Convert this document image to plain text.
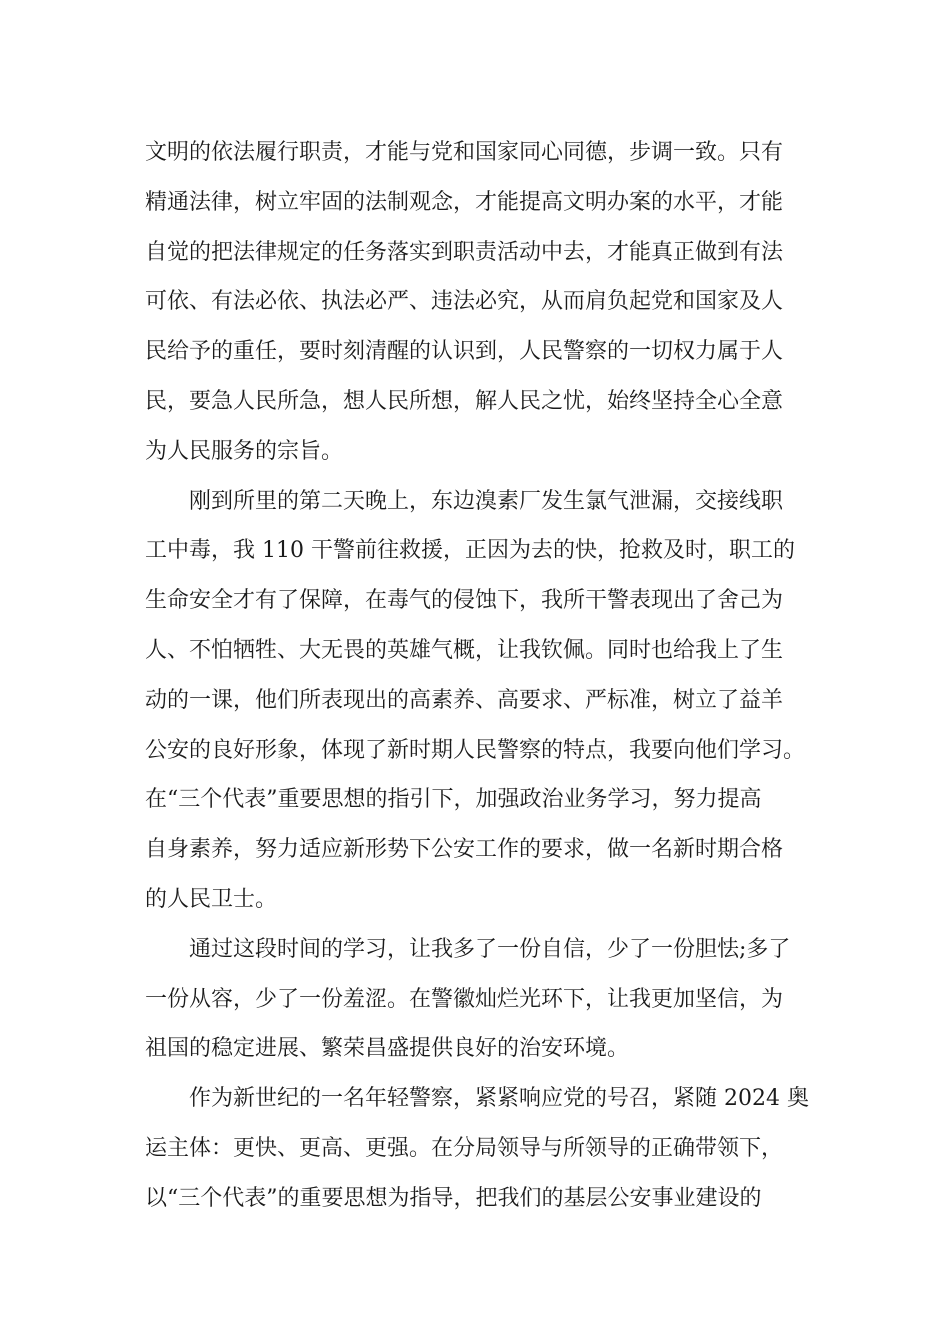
文明的依法履行职责，才能与党和国家同心同德，步调一致。只有
精通法律，树立牢固的法制观念，才能提高文明办案的水平，才能
自觉的把法律规定的任务落实到职责活动中去，才能真正做到有法
可依、有法必依、执法必严、违法必究，从而肩负起党和国家及人
民给予的重任，要时刻清醒的认识到，人民警察的一切权力属于人
民，要急人民所急，想人民所想，解人民之忧，始终坚持全心全意
为人民服务的宗旨。
刚到所里的第二天晚上，东边溴素厂发生氯气泄漏，交接线职
工中毒，我 110 干警前往救援，正因为去的快，抢救及时，职工的
生命安全才有了保障，在毒气的侵蚀下，我所干警表现出了舍己为
人、不怕牺牲、大无畏的英雄气概，让我钦佩。同时也给我上了生
动的一课，他们所表现出的高素养、高要求、严标准，树立了益羊
公安的良好形象，体现了新时期人民警察的特点，我要向他们学习。
在“三个代表”重要思想的指引下，加强政治业务学习，努力提高
自身素养，努力适应新形势下公安工作的要求，做一名新时期合格
的人民卫士。
通过这段时间的学习，让我多了一份自信，少了一份胆怯;多了
一份从容，少了一份羞涩。在警徽灿烂光环下，让我更加坚信，为
祖国的稳定进展、繁荣昌盛提供良好的治安环境。
作为新世纪的一名年轻警察，紧紧响应党的号召，紧随 2024 奥
运主体：更快、更高、更强。在分局领导与所领导的正确带领下，
以“三个代表”的重要思想为指导，把我们的基层公安事业建设的
